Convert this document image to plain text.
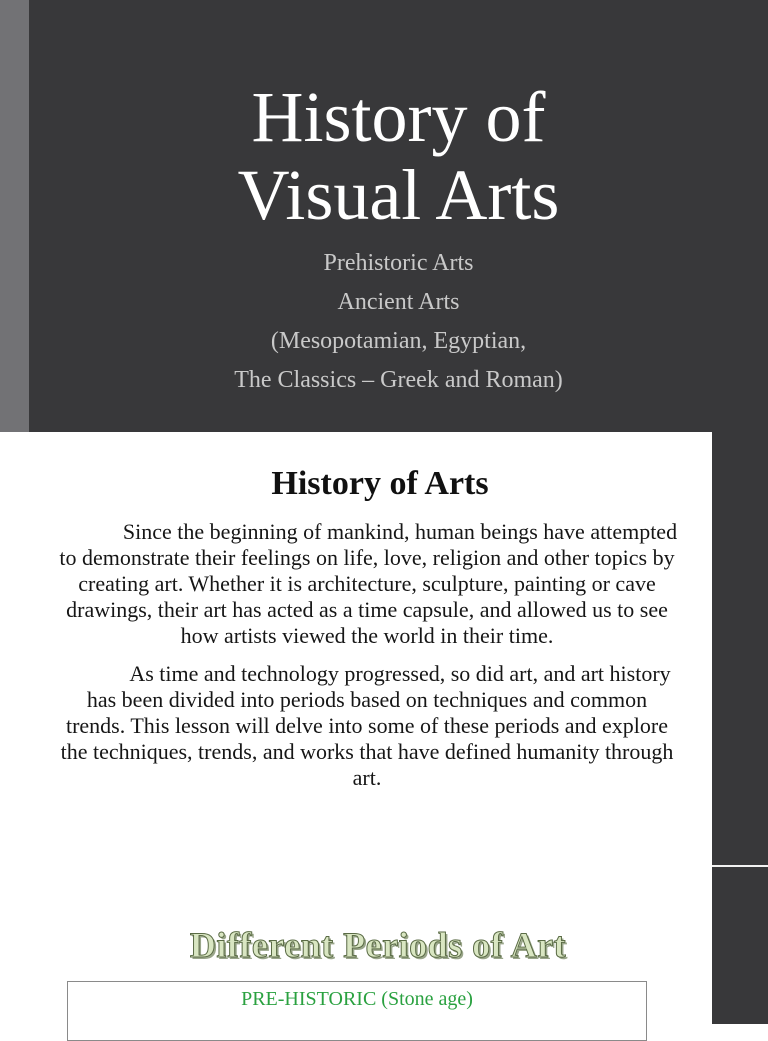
History of
Visual Arts
Prehistoric Arts
Ancient Arts
(Mesopotamian, Egyptian,
The Classics – Greek and Roman)
History of Arts

Since the beginning of mankind, human beings have attempted to demonstrate their feelings on life, love, religion and other topics by creating art. Whether it is architecture, sculpture, painting or cave drawings, their art has acted as a time capsule, and allowed us to see how artists viewed the world in their time.

As time and technology progressed, so did art, and art history has been divided into periods based on techniques and common trends. This lesson will delve into some of these periods and explore the techniques, trends, and works that have defined humanity through art.

Different Periods of Art
PRE-HISTORIC (Stone age)
